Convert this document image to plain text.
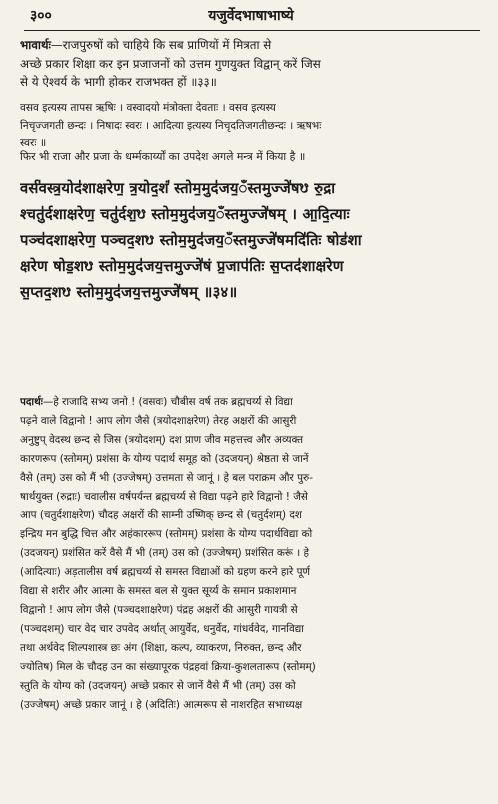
३००	यजुर्वेदभाषाभाष्ये
भावार्थः—राजपुरुषों को चाहिये कि सब प्राणियों में मित्रता से
अच्छे प्रकार शिक्षा कर इन प्रजाजनों को उत्तम गुणयुक्त विद्वान् करें जिस
से ये ऐश्वर्य के भागी होकर राजभक्त हों ॥३३॥
वसव इत्यस्य तापस ऋषिः । वस्वादयो मंत्रोक्ता देवताः । वसव इत्यस्य
निचृज्जगती छन्दः । निषादः स्वरः । आदित्या इत्यस्य निचृदतिजगतीछन्दः । ऋषभः
स्वरः ॥
फिर भी राजा और प्रजा के धर्म्मकार्य्यों का उपदेश अगले मन्त्र में किया है ॥
वर्स॑वस्त्र॒योद॑शाक्षरेण॒ त्र॒योद॒शं॑ स्तोम॒मुद॑जय॒ँस्तमुज्जे॑षᳪ रु॒द्रा
श्चतु॑र्दशाक्षरेण॒ चतु॑र्दश॒ᳪ स्तोम॒मुद॑जय॒ँस्तमुज्जे॑षम् । आ॒दि॒त्याः
पञ्च॑दशाक्षरेण॒ पञ्चद॒शᳪ स्तोम॒मुद॑जय॒ँस्तमुज्जे॑षमदि॑तिः षोड॑शा
क्षरेण षोड॒शᳪ स्तोम॒मुद॑जय॒त्तमुज्जे॑षं प्र॒जाप॑तिः स॒प्तद॑शाक्षरेण
स॒प्तद॒शᳪ स्तोम॒मुद॑जय॒त्तमुज्जे॑षम् ॥३४॥
पदार्थः—हे राजादि सभ्य जनो ! (वसवः) चौबीस वर्ष तक ब्रह्मचर्य्य से विद्या
पढ़ने वाले विद्वानो ! आप लोग जैसे (त्रयोदशाक्षरेण) तेरह अक्षरों की आसुरी
अनुष्टुप् वेदस्थ छन्द से जिस (त्रयोदशम्) दश प्राण जीव महत्तत्त्व और अव्यक्त
कारणरूप (स्तोमम्) प्रशंसा के योग्य पदार्थ समूह को (उदजयन्) श्रेष्ठता से जानें
वैसे (तम्) उस को मैं भी (उज्जेषम्) उत्तमता से जानूं । हे बल पराक्रम और पुरु-
षार्थयुक्त (रुद्राः) चवालीस वर्षपर्यन्त ब्रह्मचर्य्य से विद्या पढ़ने हारे विद्वानो ! जैसे
आप (चतुर्दशाक्षरेण) चौदह अक्षरों की साम्नी उष्णिक् छन्द से (चतुर्दशम्) दश
इन्द्रिय मन बुद्धि चित्त और अहंकाररूप (स्तोमम्) प्रशंसा के योग्य पदार्थविद्या को
(उदजयन्) प्रशंसित करें वैसे मैं भी (तम्) उस को (उज्जेषम्) प्रशंसित करूं । हे
(आदित्याः) अड़तालीस वर्ष ब्रह्मचर्य्य से समस्त विद्याओं को ग्रहण करने हारे पूर्ण
विद्या से शरीर और आत्मा के समस्त बल से युक्त सूर्य्य के समान प्रकाशमान
विद्वानो ! आप लोग जैसे (पञ्चदशाक्षरेण) पंद्रह अक्षरों की आसुरी गायत्री से
(पञ्चदशम्) चार वेद चार उपवेद अर्थात् आयुर्वेद, धनुर्वेद, गांधर्ववेद, गानविद्या
तथा अर्थवेद शिल्पशास्त्र छः अंग (शिक्षा, कल्प, व्याकरण, निरुक्त, छन्द और
ज्योतिष) मिल के चौदह उन का संख्यापूरक पंद्रहवां क्रिया-कुशलतारूप (स्तोमम्)
स्तुति के योग्य को (उदजयन्) अच्छे प्रकार से जानें वैसे मैं भी (तम्) उस को
(उज्जेषम्) अच्छे प्रकार जानूं । हे (अदितिः) आत्मरूप से नाशरहित सभाध्यक्ष
